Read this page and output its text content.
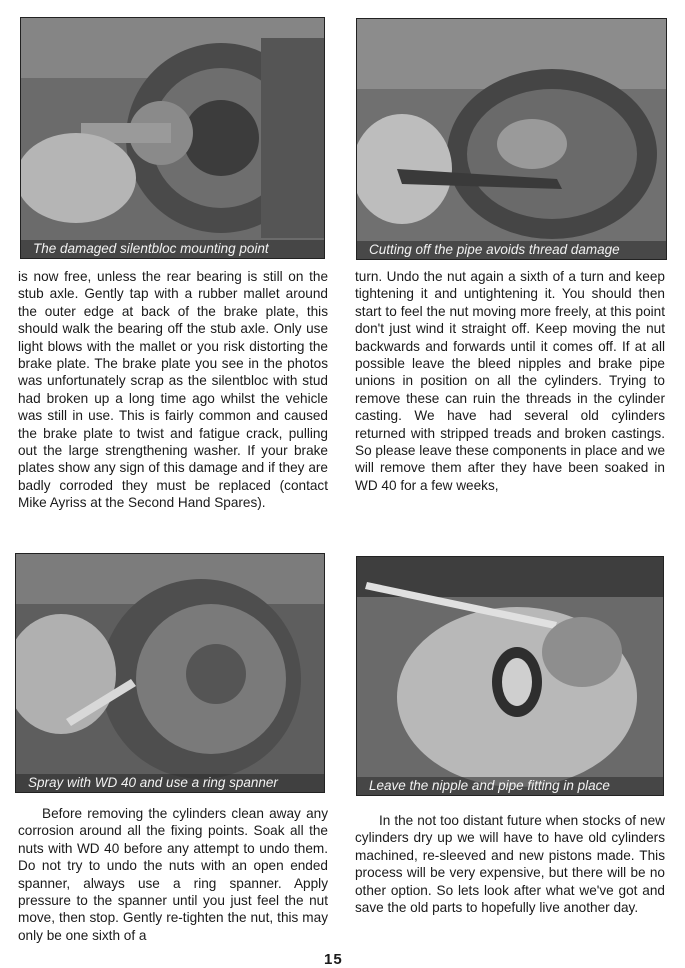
The damaged silentbloc mounting point	Cutting off the pipe avoids thread damage

is now free, unless the rear bearing is still on the stub axle. Gently tap with a rubber mallet around the outer edge at back of the brake plate, this should walk the bearing off the stub axle. Only use light blows with the mallet or you risk distorting the brake plate. The brake plate you see in the photos was unfortunately scrap as the silentbloc with stud had broken up a long time ago whilst the vehicle was still in use. This is fairly common and caused the brake plate to twist and fatigue crack, pulling out the large strengthening washer. If your brake plates show any sign of this damage and if they are badly corroded they must be replaced (contact Mike Ayriss at the Second Hand Spares).

turn. Undo the nut again a sixth of a turn and keep tightening it and untightening it. You should then start to feel the nut moving more freely, at this point don't just wind it straight off. Keep moving the nut backwards and forwards until it comes off. If at all possible leave the bleed nipples and brake pipe unions in position on all the cylinders. Trying to remove these can ruin the threads in the cylinder casting. We have had several old cylinders returned with stripped treads and broken castings. So please leave these components in place and we will remove them after they have been soaked in WD 40 for a few weeks,

Spray with WD 40 and use a ring spanner	Leave the nipple and pipe fitting in place

Before removing the cylinders clean away any corrosion around all the fixing points. Soak all the nuts with WD 40 before any attempt to undo them. Do not try to undo the nuts with an open ended spanner, always use a ring spanner. Apply pressure to the spanner until you just feel the nut move, then stop. Gently re-tighten the nut, this may only be one sixth of a

In the not too distant future when stocks of new cylinders dry up we will have to have old cylinders machined, re-sleeved and new pistons made. This process will be very expensive, but there will be no other option. So lets look after what we've got and save the old parts to hopefully live another day.

15
